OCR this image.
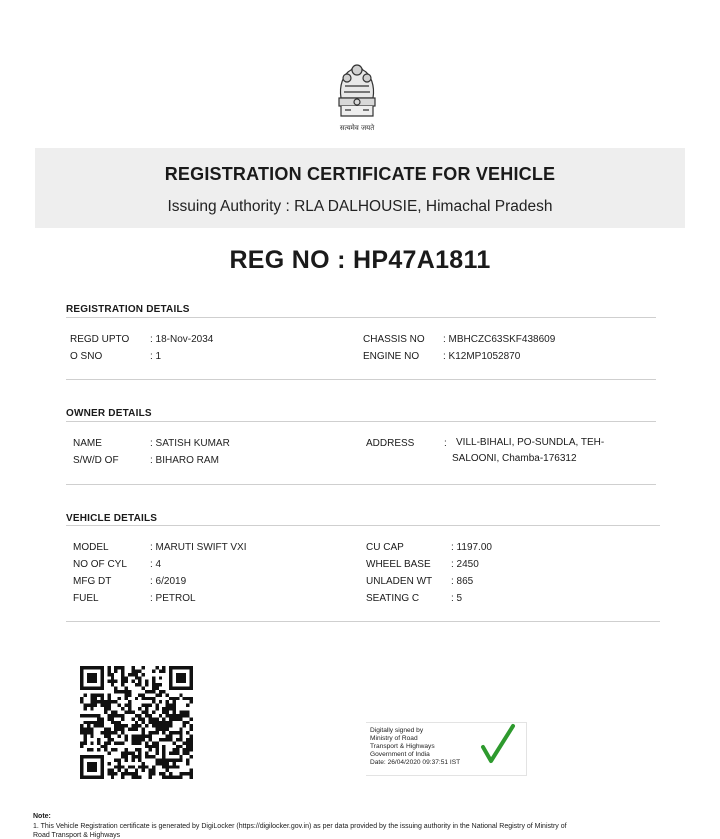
सत्यमेव जयते
REGISTRATION CERTIFICATE FOR VEHICLE
Issuing Authority : RLA DALHOUSIE, Himachal Pradesh
REG NO : HP47A1811
REGISTRATION DETAILS
REGD UPTO : 18-Nov-2034
O SNO	: 1
CHASSIS NO : MBHCZC63SKF438609
ENGINE NO : K12MP1052870
OWNER DETAILS
NAME	: SATISH KUMAR
S/W/D OF	: BIHARO RAM
ADDRESS	: VILL-BIHALI, PO-SUNDLA, TEH-
SALOONI, Chamba-176312
VEHICLE DETAILS
MODEL	: MARUTI SWIFT VXI
NO OF CYL : 4
MFG DT	: 6/2019
FUEL	: PETROL
CU CAP	: 1197.00
WHEEL BASE : 2450
UNLADEN WT : 865
SEATING C	: 5
Digitally signed by
Ministry of Road
Transport & Highways
Government of India
Date: 26/04/2020 09:37:51 IST
Note:
1. This Vehicle Registration certificate is generated by DigiLocker (https://digilocker.gov.in) as per data provided by the issuing authority in the National Registry of Ministry of
Road Transport & Highways
